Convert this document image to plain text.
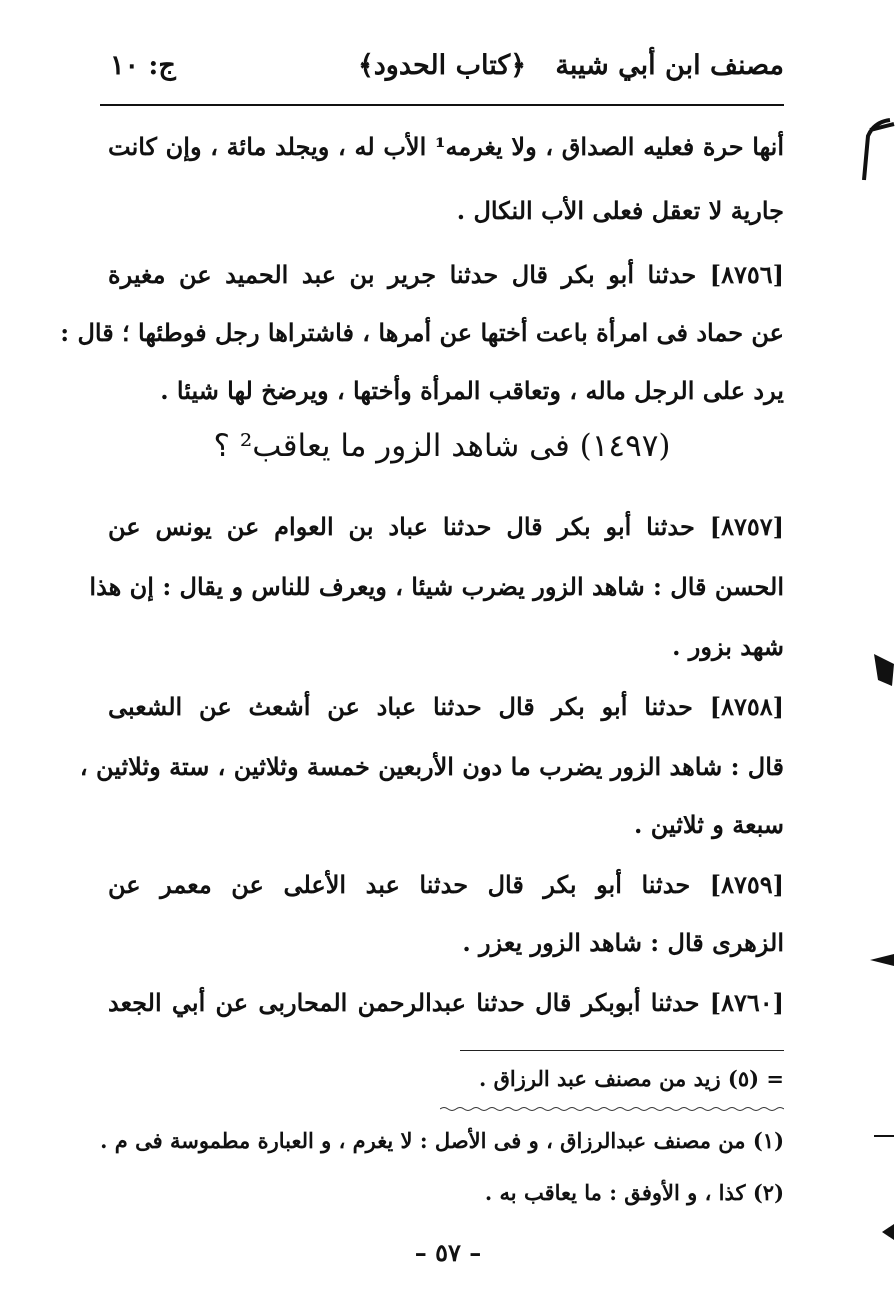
مصنف ابن أبي شيبة
﴿كتاب الحدود﴾
ج: ١٠
أنها حرة فعليه الصداق ، ولا يغرمه¹ الأب له ، ويجلد مائة ، وإن كانت
جارية لا تعقل فعلى الأب النكال .
[٨٧٥٦] حدثنا أبو بكر قال حدثنا جرير بن عبد الحميد عن مغيرة
عن حماد فى امرأة باعت أختها عن أمرها ، فاشتراها رجل فوطئها ؛ قال :
يرد على الرجل ماله ، وتعاقب المرأة وأختها ، ويرضخ لها شيئا .
(١٤٩٧) فى شاهد الزور ما يعاقب² ؟
[٨٧٥٧] حدثنا أبو بكر قال حدثنا عباد بن العوام عن يونس عن
الحسن قال : شاهد الزور يضرب شيئا ، ويعرف للناس و يقال : إن هذا
شهد بزور .
[٨٧٥٨] حدثنا أبو بكر قال حدثنا عباد عن أشعث عن الشعبى
قال : شاهد الزور يضرب ما دون الأربعين خمسة وثلاثين ، ستة وثلاثين ،
سبعة و ثلاثين .
[٨٧٥٩] حدثنا أبو بكر قال حدثنا عبد الأعلى عن معمر عن
الزهرى قال : شاهد الزور يعزر .
[٨٧٦٠] حدثنا أبوبكر قال حدثنا عبدالرحمن المحاربى عن أبي الجعد
= (٥) زيد من مصنف عبد الرزاق .
(١) من مصنف عبدالرزاق ، و فى الأصل : لا يغرم ، و العبارة مطموسة فى م .
(٢) كذا ، و الأوفق : ما يعاقب به .
– ٥٧ –
